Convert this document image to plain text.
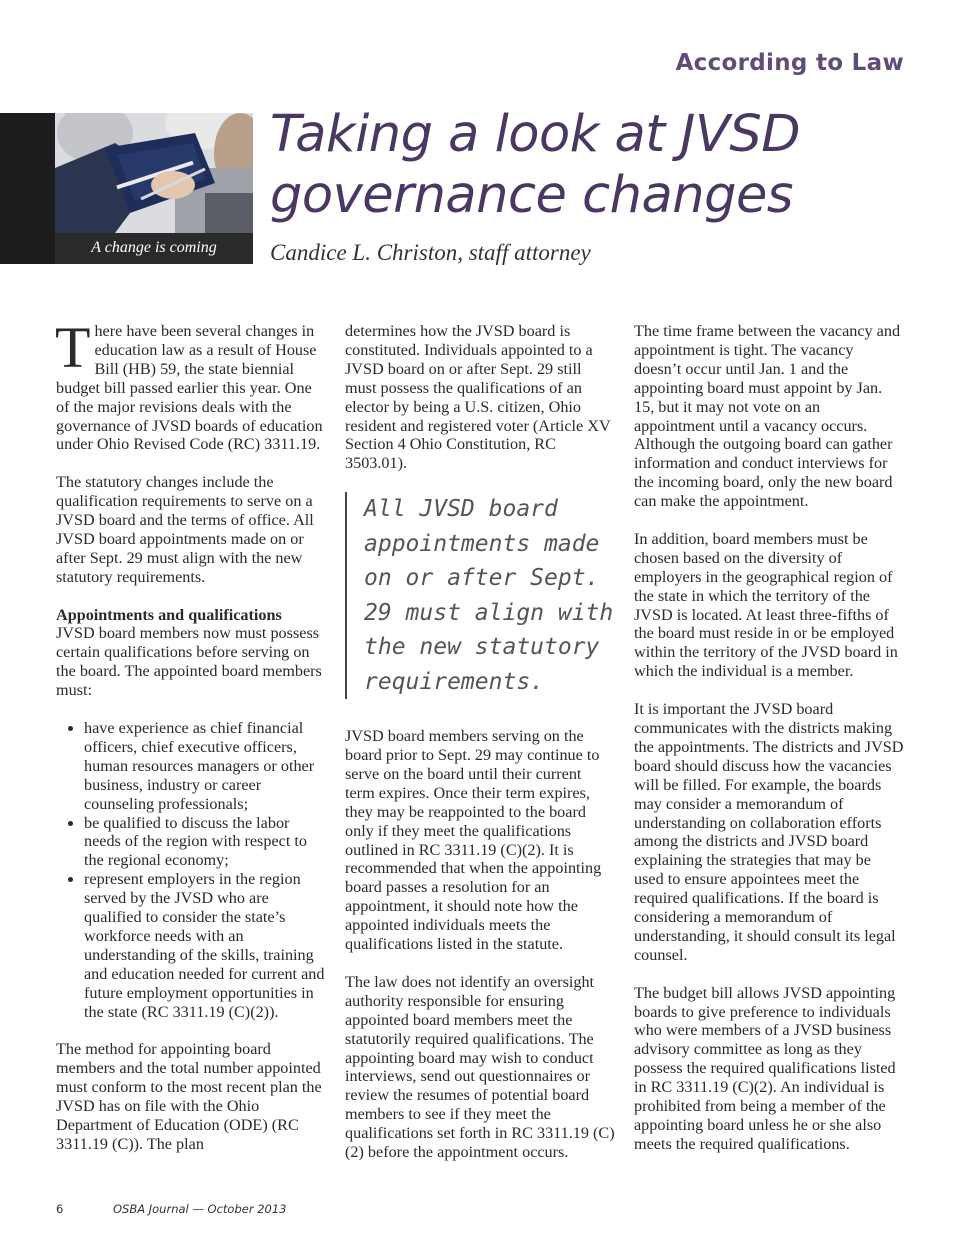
According to Law
A change is coming
Taking a look at JVSD governance changes
Candice L. Christon, staff attorney

There have been several changes in education law as a result of House Bill (HB) 59, the state biennial budget bill passed earlier this year. One of the major revisions deals with the governance of JVSD boards of education under Ohio Revised Code (RC) 3311.19.

The statutory changes include the qualification requirements to serve on a JVSD board and the terms of office. All JVSD board appointments made on or after Sept. 29 must align with the new statutory requirements.

Appointments and qualifications
JVSD board members now must possess certain qualifications before serving on the board. The appointed board members must:

• have experience as chief financial officers, chief executive officers, human resources managers or other business, industry or career counseling professionals;
• be qualified to discuss the labor needs of the region with respect to the regional economy;
• represent employers in the region served by the JVSD who are qualified to consider the state’s workforce needs with an understanding of the skills, training and education needed for current and future employment opportunities in the state (RC 3311.19 (C)(2)).

The method for appointing board members and the total number appointed must conform to the most recent plan the JVSD has on file with the Ohio Department of Education (ODE) (RC 3311.19 (C)). The plan

determines how the JVSD board is constituted. Individuals appointed to a JVSD board on or after Sept. 29 still must possess the qualifications of an elector by being a U.S. citizen, Ohio resident and registered voter (Article XV Section 4 Ohio Constitution, RC 3503.01).

All JVSD board appointments made on or after Sept. 29 must align with the new statutory requirements.

JVSD board members serving on the board prior to Sept. 29 may continue to serve on the board until their current term expires. Once their term expires, they may be reappointed to the board only if they meet the qualifications outlined in RC 3311.19 (C)(2). It is recommended that when the appointing board passes a resolution for an appointment, it should note how the appointed individuals meets the qualifications listed in the statute.

The law does not identify an oversight authority responsible for ensuring appointed board members meet the statutorily required qualifications. The appointing board may wish to conduct interviews, send out questionnaires or review the resumes of potential board members to see if they meet the qualifications set forth in RC 3311.19 (C)(2) before the appointment occurs.

The time frame between the vacancy and appointment is tight. The vacancy doesn’t occur until Jan. 1 and the appointing board must appoint by Jan. 15, but it may not vote on an appointment until a vacancy occurs. Although the outgoing board can gather information and conduct interviews for the incoming board, only the new board can make the appointment.

In addition, board members must be chosen based on the diversity of employers in the geographical region of the state in which the territory of the JVSD is located. At least three-fifths of the board must reside in or be employed within the territory of the JVSD board in which the individual is a member.

It is important the JVSD board communicates with the districts making the appointments. The districts and JVSD board should discuss how the vacancies will be filled. For example, the boards may consider a memorandum of understanding on collaboration efforts among the districts and JVSD board explaining the strategies that may be used to ensure appointees meet the required qualifications. If the board is considering a memorandum of understanding, it should consult its legal counsel.

The budget bill allows JVSD appointing boards to give preference to individuals who were members of a JVSD business advisory committee as long as they possess the required qualifications listed in RC 3311.19 (C)(2). An individual is prohibited from being a member of the appointing board unless he or she also meets the required qualifications.

6	OSBA Journal — October 2013
